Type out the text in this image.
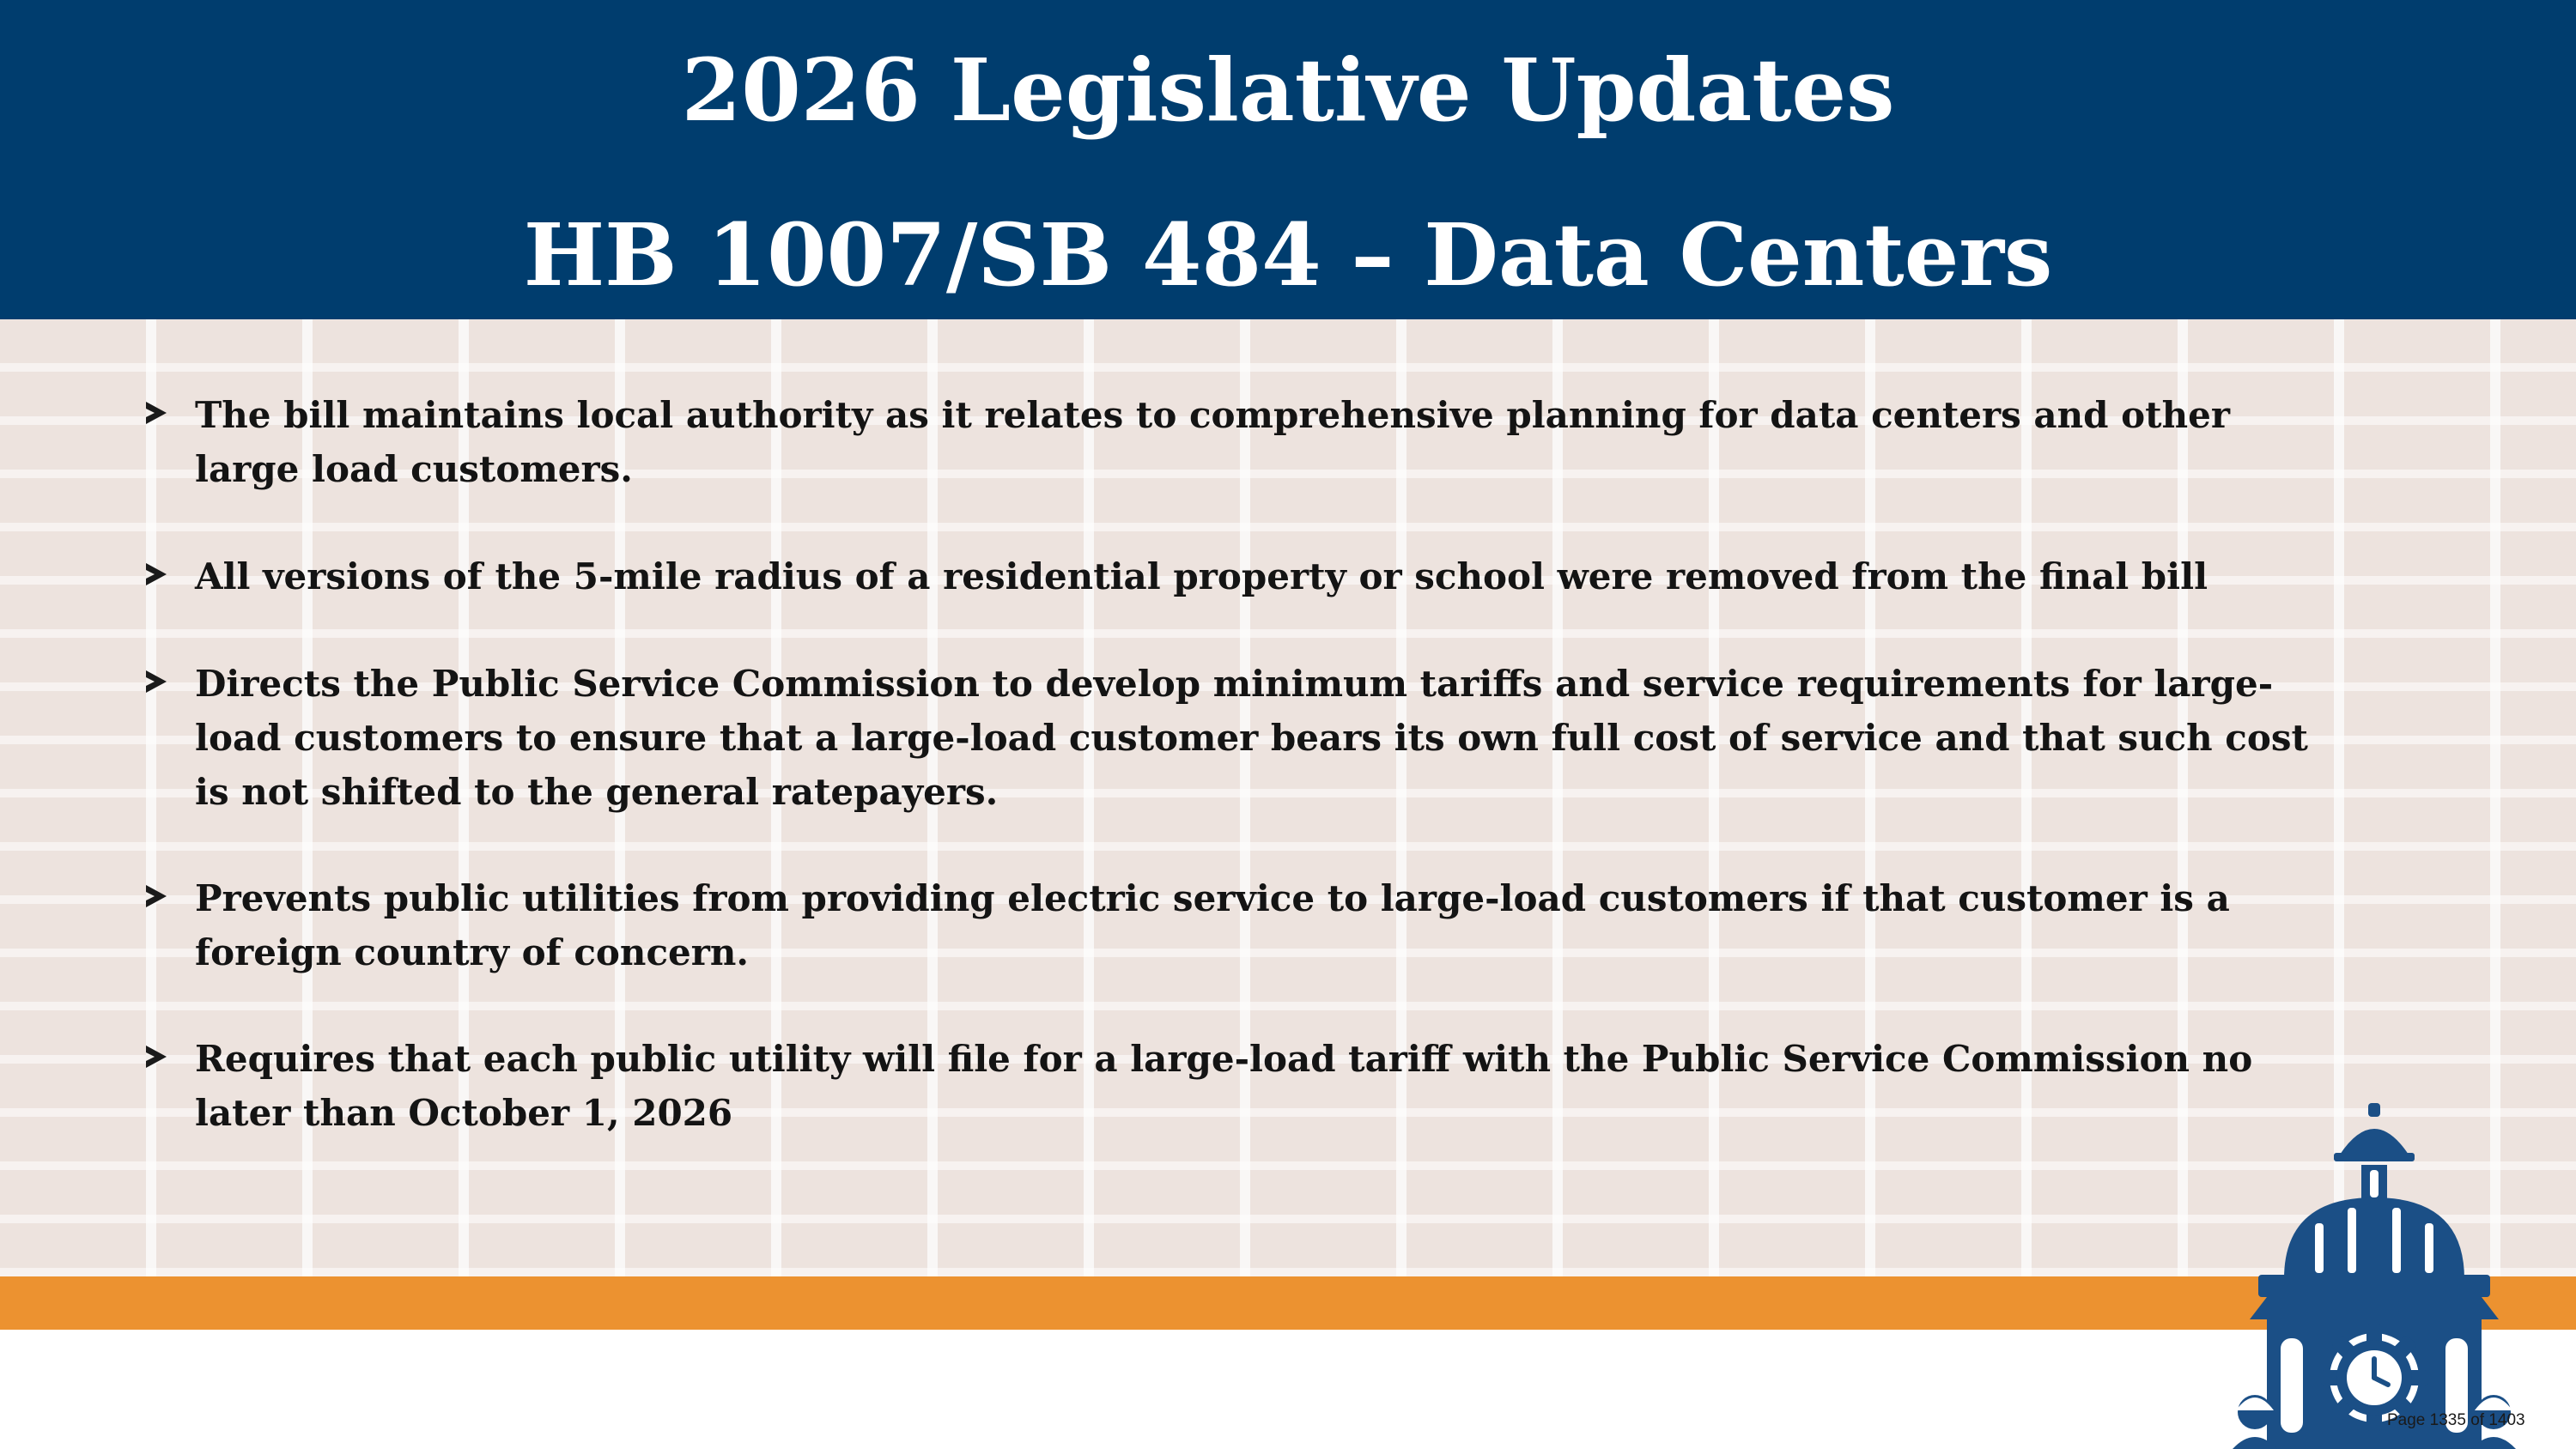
2026 Legislative Updates
HB 1007/SB 484 – Data Centers
The bill maintains local authority as it relates to comprehensive planning for data centers and other large load customers.
All versions of the 5-mile radius of a residential property or school were removed from the final bill
Directs the Public Service Commission to develop minimum tariffs and service requirements for large-load customers to ensure that a large-load customer bears its own full cost of service and that such cost is not shifted to the general ratepayers.
Prevents public utilities from providing electric service to large-load customers if that customer is a foreign country of concern.
Requires that each public utility will file for a large-load tariff with the Public Service Commission no later than October 1, 2026
Page 1335 of 1403
